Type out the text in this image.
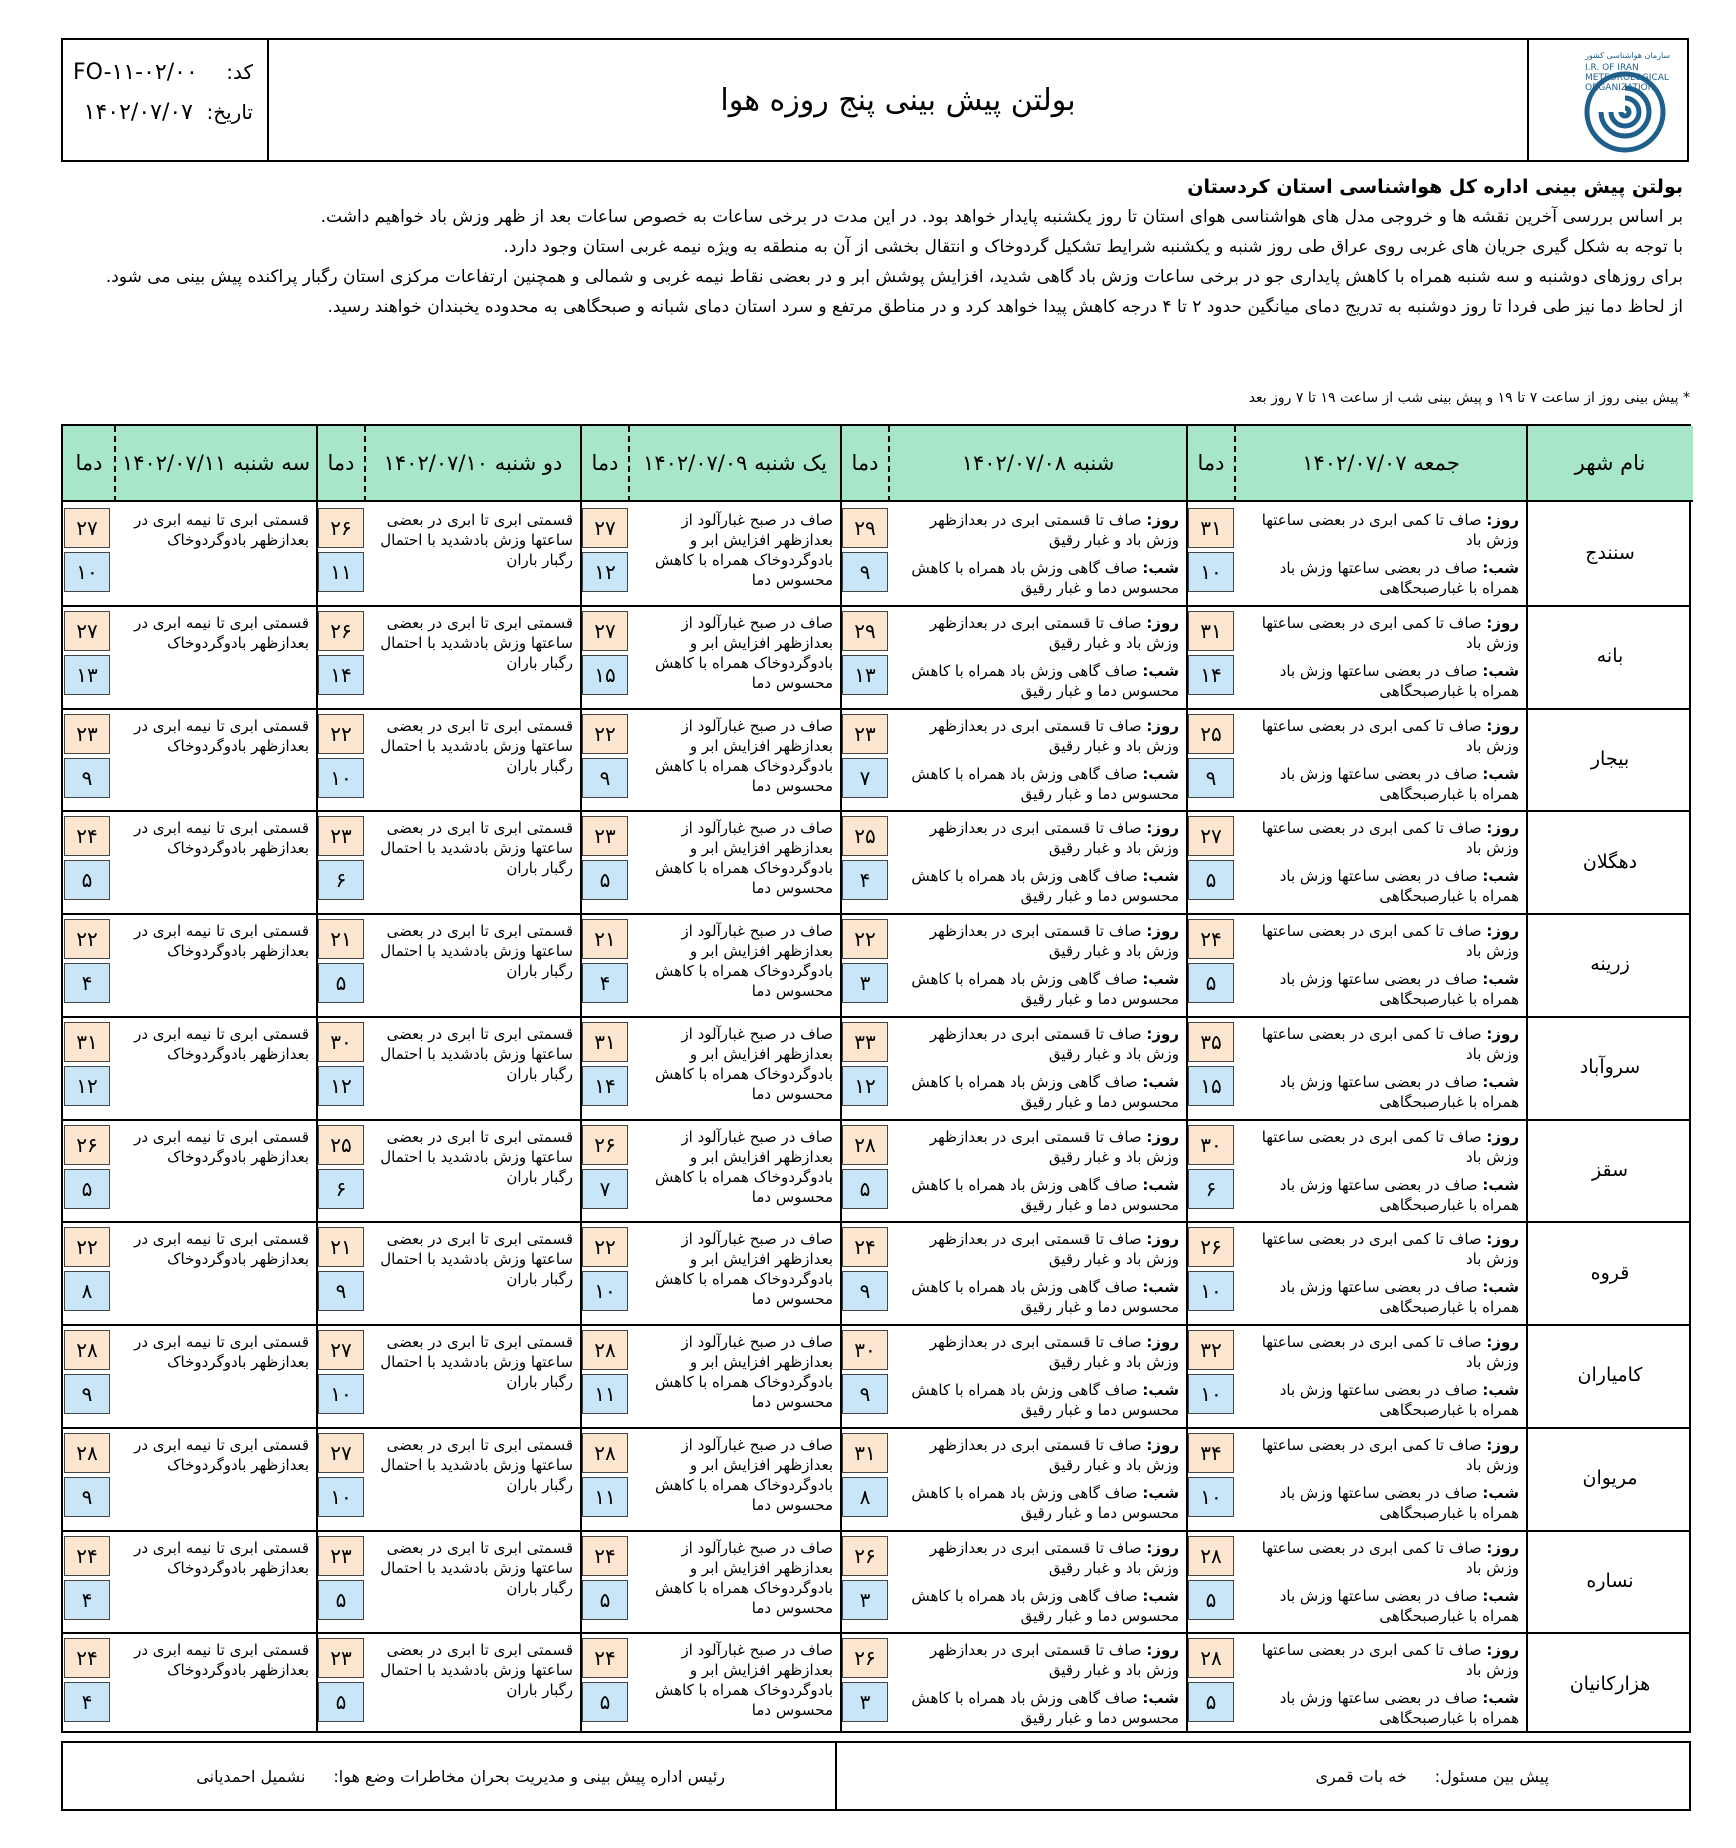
کد:
FO-۱۱-۰۲/۰۰
تاریخ:
۱۴۰۲/۰۷/۰۷	بولتن پیش بینی پنج روزه هوا
سازمان هواشناسی کشور
I.R. OF IRAN
METEOROLOGICAL
ORGANIZATION
بولتن پیش بینی اداره کل هواشناسی استان کردستان

بر اساس بررسی آخرین نقشه ها و خروجی مدل های هواشناسی هوای استان تا روز یکشنبه پایدار خواهد بود. در این مدت در برخی ساعات به خصوص ساعات بعد از ظهر وزش باد خواهیم داشت.

با توجه به شکل گیری جریان های غربی روی عراق طی روز شنبه و یکشنبه شرایط تشکیل گردوخاک و انتقال بخشی از آن به منطقه به ویژه نیمه غربی استان وجود دارد.

برای روزهای دوشنبه و سه شنبه همراه با کاهش پایداری جو در برخی ساعات وزش باد گاهی شدید، افزایش پوشش ابر و در بعضی نقاط نیمه غربی و شمالی و همچنین ارتفاعات مرکزی استان رگبار پراکنده پیش بینی می شود.

از لحاظ دما نیز طی فردا تا روز دوشنبه به تدریج دمای میانگین حدود ۲ تا ۴ درجه کاهش پیدا خواهد کرد و در مناطق مرتفع و سرد استان دمای شبانه و صبحگاهی به محدوده یخبندان خواهند رسید.

* پیش بینی روز از ساعت ۷ تا ۱۹ و پیش بینی شب از ساعت ۱۹ تا ۷ روز بعد
نام شهر
جمعه ۱۴۰۲/۰۷/۰۷
دما
شنبه ۱۴۰۲/۰۷/۰۸
دما
یک شنبه ۱۴۰۲/۰۷/۰۹
دما
دو شنبه ۱۴۰۲/۰۷/۱۰
دما
سه شنبه ۱۴۰۲/۰۷/۱۱
دما
سنندج
۳۱
۱۰
روز: صاف تا کمی ابری در بعضی ساعتها وزش باد
شب: صاف در بعضی ساعتها وزش باد همراه با غبارصبحگاهی
۲۹
۹
روز: صاف تا قسمتی ابری در بعدازظهر وزش باد و غبار رقیق
شب: صاف گاهی وزش باد همراه با کاهش محسوس دما و غبار رقیق
۲۷
۱۲
صاف در صبح غبارآلود از بعدازظهر افزایش ابر و بادوگردوخاک همراه با کاهش محسوس دما
۲۶
۱۱
قسمتی ابری تا ابری در بعضی ساعتها وزش بادشدید با احتمال رگبار باران
۲۷
۱۰
قسمتی ابری تا نیمه ابری در بعدازظهر بادوگردوخاک
بانه
۳۱
۱۴
روز: صاف تا کمی ابری در بعضی ساعتها وزش باد
شب: صاف در بعضی ساعتها وزش باد همراه با غبارصبحگاهی
۲۹
۱۳
روز: صاف تا قسمتی ابری در بعدازظهر وزش باد و غبار رقیق
شب: صاف گاهی وزش باد همراه با کاهش محسوس دما و غبار رقیق
۲۷
۱۵
صاف در صبح غبارآلود از بعدازظهر افزایش ابر و بادوگردوخاک همراه با کاهش محسوس دما
۲۶
۱۴
قسمتی ابری تا ابری در بعضی ساعتها وزش بادشدید با احتمال رگبار باران
۲۷
۱۳
قسمتی ابری تا نیمه ابری در بعدازظهر بادوگردوخاک
بیجار
۲۵
۹
روز: صاف تا کمی ابری در بعضی ساعتها وزش باد
شب: صاف در بعضی ساعتها وزش باد همراه با غبارصبحگاهی
۲۳
۷
روز: صاف تا قسمتی ابری در بعدازظهر وزش باد و غبار رقیق
شب: صاف گاهی وزش باد همراه با کاهش محسوس دما و غبار رقیق
۲۲
۹
صاف در صبح غبارآلود از بعدازظهر افزایش ابر و بادوگردوخاک همراه با کاهش محسوس دما
۲۲
۱۰
قسمتی ابری تا ابری در بعضی ساعتها وزش بادشدید با احتمال رگبار باران
۲۳
۹
قسمتی ابری تا نیمه ابری در بعدازظهر بادوگردوخاک
دهگلان
۲۷
۵
روز: صاف تا کمی ابری در بعضی ساعتها وزش باد
شب: صاف در بعضی ساعتها وزش باد همراه با غبارصبحگاهی
۲۵
۴
روز: صاف تا قسمتی ابری در بعدازظهر وزش باد و غبار رقیق
شب: صاف گاهی وزش باد همراه با کاهش محسوس دما و غبار رقیق
۲۳
۵
صاف در صبح غبارآلود از بعدازظهر افزایش ابر و بادوگردوخاک همراه با کاهش محسوس دما
۲۳
۶
قسمتی ابری تا ابری در بعضی ساعتها وزش بادشدید با احتمال رگبار باران
۲۴
۵
قسمتی ابری تا نیمه ابری در بعدازظهر بادوگردوخاک
زرینه
۲۴
۵
روز: صاف تا کمی ابری در بعضی ساعتها وزش باد
شب: صاف در بعضی ساعتها وزش باد همراه با غبارصبحگاهی
۲۲
۳
روز: صاف تا قسمتی ابری در بعدازظهر وزش باد و غبار رقیق
شب: صاف گاهی وزش باد همراه با کاهش محسوس دما و غبار رقیق
۲۱
۴
صاف در صبح غبارآلود از بعدازظهر افزایش ابر و بادوگردوخاک همراه با کاهش محسوس دما
۲۱
۵
قسمتی ابری تا ابری در بعضی ساعتها وزش بادشدید با احتمال رگبار باران
۲۲
۴
قسمتی ابری تا نیمه ابری در بعدازظهر بادوگردوخاک
سروآباد
۳۵
۱۵
روز: صاف تا کمی ابری در بعضی ساعتها وزش باد
شب: صاف در بعضی ساعتها وزش باد همراه با غبارصبحگاهی
۳۳
۱۲
روز: صاف تا قسمتی ابری در بعدازظهر وزش باد و غبار رقیق
شب: صاف گاهی وزش باد همراه با کاهش محسوس دما و غبار رقیق
۳۱
۱۴
صاف در صبح غبارآلود از بعدازظهر افزایش ابر و بادوگردوخاک همراه با کاهش محسوس دما
۳۰
۱۲
قسمتی ابری تا ابری در بعضی ساعتها وزش بادشدید با احتمال رگبار باران
۳۱
۱۲
قسمتی ابری تا نیمه ابری در بعدازظهر بادوگردوخاک
سقز
۳۰
۶
روز: صاف تا کمی ابری در بعضی ساعتها وزش باد
شب: صاف در بعضی ساعتها وزش باد همراه با غبارصبحگاهی
۲۸
۵
روز: صاف تا قسمتی ابری در بعدازظهر وزش باد و غبار رقیق
شب: صاف گاهی وزش باد همراه با کاهش محسوس دما و غبار رقیق
۲۶
۷
صاف در صبح غبارآلود از بعدازظهر افزایش ابر و بادوگردوخاک همراه با کاهش محسوس دما
۲۵
۶
قسمتی ابری تا ابری در بعضی ساعتها وزش بادشدید با احتمال رگبار باران
۲۶
۵
قسمتی ابری تا نیمه ابری در بعدازظهر بادوگردوخاک
قروه
۲۶
۱۰
روز: صاف تا کمی ابری در بعضی ساعتها وزش باد
شب: صاف در بعضی ساعتها وزش باد همراه با غبارصبحگاهی
۲۴
۹
روز: صاف تا قسمتی ابری در بعدازظهر وزش باد و غبار رقیق
شب: صاف گاهی وزش باد همراه با کاهش محسوس دما و غبار رقیق
۲۲
۱۰
صاف در صبح غبارآلود از بعدازظهر افزایش ابر و بادوگردوخاک همراه با کاهش محسوس دما
۲۱
۹
قسمتی ابری تا ابری در بعضی ساعتها وزش بادشدید با احتمال رگبار باران
۲۲
۸
قسمتی ابری تا نیمه ابری در بعدازظهر بادوگردوخاک
کامیاران
۳۲
۱۰
روز: صاف تا کمی ابری در بعضی ساعتها وزش باد
شب: صاف در بعضی ساعتها وزش باد همراه با غبارصبحگاهی
۳۰
۹
روز: صاف تا قسمتی ابری در بعدازظهر وزش باد و غبار رقیق
شب: صاف گاهی وزش باد همراه با کاهش محسوس دما و غبار رقیق
۲۸
۱۱
صاف در صبح غبارآلود از بعدازظهر افزایش ابر و بادوگردوخاک همراه با کاهش محسوس دما
۲۷
۱۰
قسمتی ابری تا ابری در بعضی ساعتها وزش بادشدید با احتمال رگبار باران
۲۸
۹
قسمتی ابری تا نیمه ابری در بعدازظهر بادوگردوخاک
مریوان
۳۴
۱۰
روز: صاف تا کمی ابری در بعضی ساعتها وزش باد
شب: صاف در بعضی ساعتها وزش باد همراه با غبارصبحگاهی
۳۱
۸
روز: صاف تا قسمتی ابری در بعدازظهر وزش باد و غبار رقیق
شب: صاف گاهی وزش باد همراه با کاهش محسوس دما و غبار رقیق
۲۸
۱۱
صاف در صبح غبارآلود از بعدازظهر افزایش ابر و بادوگردوخاک همراه با کاهش محسوس دما
۲۷
۱۰
قسمتی ابری تا ابری در بعضی ساعتها وزش بادشدید با احتمال رگبار باران
۲۸
۹
قسمتی ابری تا نیمه ابری در بعدازظهر بادوگردوخاک
نساره
۲۸
۵
روز: صاف تا کمی ابری در بعضی ساعتها وزش باد
شب: صاف در بعضی ساعتها وزش باد همراه با غبارصبحگاهی
۲۶
۳
روز: صاف تا قسمتی ابری در بعدازظهر وزش باد و غبار رقیق
شب: صاف گاهی وزش باد همراه با کاهش محسوس دما و غبار رقیق
۲۴
۵
صاف در صبح غبارآلود از بعدازظهر افزایش ابر و بادوگردوخاک همراه با کاهش محسوس دما
۲۳
۵
قسمتی ابری تا ابری در بعضی ساعتها وزش بادشدید با احتمال رگبار باران
۲۴
۴
قسمتی ابری تا نیمه ابری در بعدازظهر بادوگردوخاک
هزارکانیان
۲۸
۵
روز: صاف تا کمی ابری در بعضی ساعتها وزش باد
شب: صاف در بعضی ساعتها وزش باد همراه با غبارصبحگاهی
۲۶
۳
روز: صاف تا قسمتی ابری در بعدازظهر وزش باد و غبار رقیق
شب: صاف گاهی وزش باد همراه با کاهش محسوس دما و غبار رقیق
۲۴
۵
صاف در صبح غبارآلود از بعدازظهر افزایش ابر و بادوگردوخاک همراه با کاهش محسوس دما
۲۳
۵
قسمتی ابری تا ابری در بعضی ساعتها وزش بادشدید با احتمال رگبار باران
۲۴
۴
قسمتی ابری تا نیمه ابری در بعدازظهر بادوگردوخاک
پیش بین مسئول:
خه بات قمری
رئیس اداره پیش بینی و مدیریت بحران مخاطرات وضع هوا:
نشمیل احمدیانی
